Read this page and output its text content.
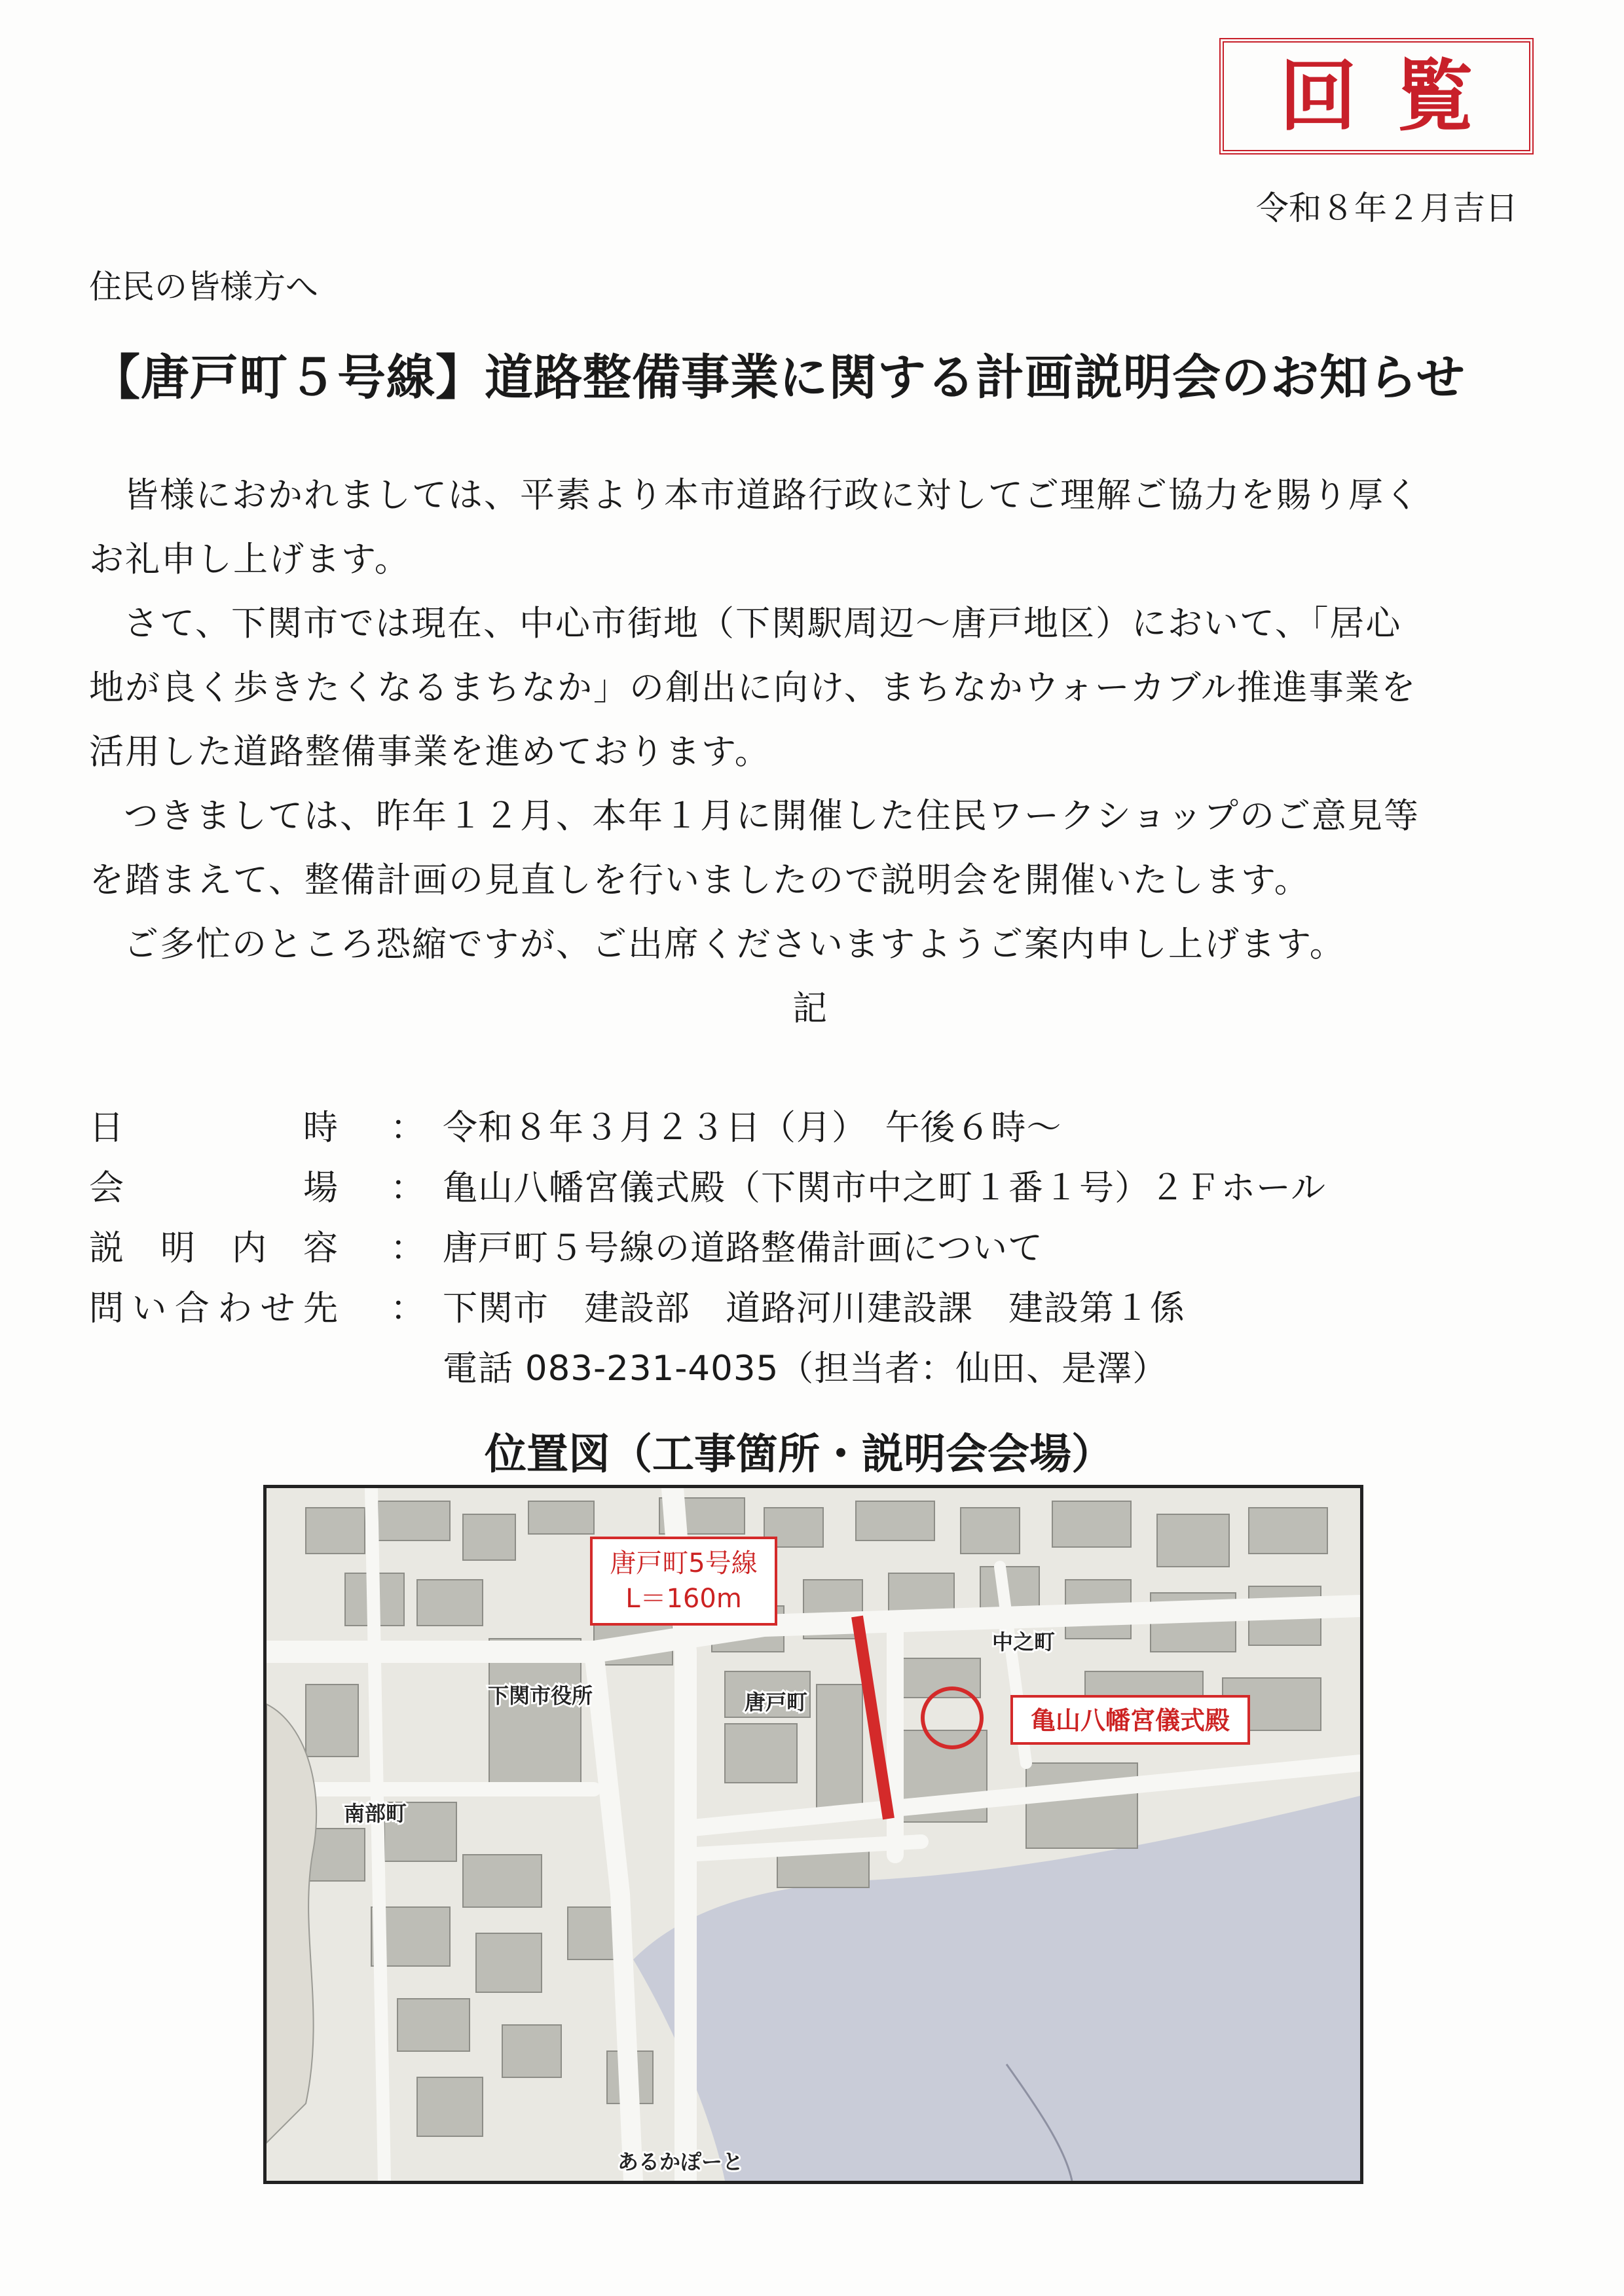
回覧
令和８年２月吉日
住民の皆様方へ
【唐戸町５号線】道路整備事業に関する計画説明会のお知らせ

皆様におかれましては、平素より本市道路行政に対してご理解ご協力を賜り厚く

お礼申し上げます。

さて、下関市では現在、中心市街地（下関駅周辺～唐戸地区）において、「居心

地が良く歩きたくなるまちなか」の創出に向け、まちなかウォーカブル推進事業を

活用した道路整備事業を進めております。

つきましては、昨年１２月、本年１月に開催した住民ワークショップのご意見等

を踏まえて、整備計画の見直しを行いましたので説明会を開催いたします。

ご多忙のところ恐縮ですが、ご出席くださいますようご案内申し上げます。

記
日	時 ： 令和８年３月２３日（月）　午後６時～
会	場 ： 亀山八幡宮儀式殿（下関市中之町１番１号）２Ｆホール
説 明 内 容 ： 唐戸町５号線の道路整備計画について
問 い 合 わ せ 先 ： 下関市　建設部　道路河川建設課　建設第１係
電話 083-231-4035（担当者：仙田、是澤）
位置図（工事箇所・説明会会場）
唐戸町5号線
L＝160m
亀山八幡宮儀式殿
中之町
唐戸町
下関市役所
南部町
あるかぽーと
